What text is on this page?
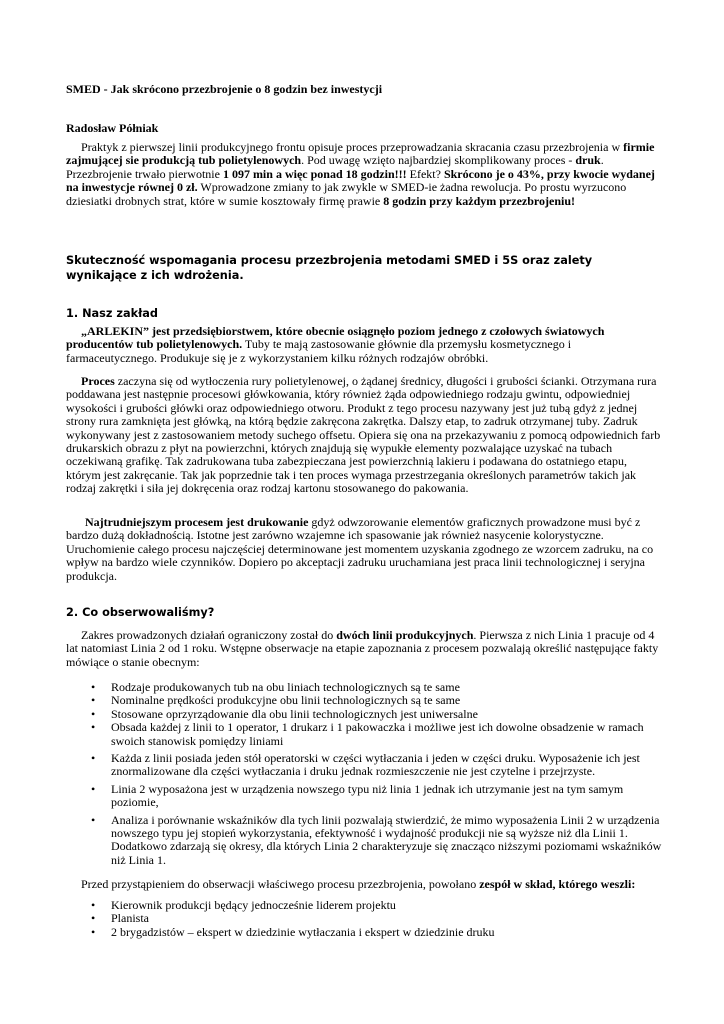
SMED - Jak skrócono przezbrojenie o 8 godzin bez inwestycji
Radosław Półniak

Praktyk z pierwszej linii produkcyjnego frontu opisuje proces przeprowadzania skracania czasu przezbrojenia w firmie zajmującej sie produkcją tub polietylenowych. Pod uwagę wzięto najbardziej skomplikowany proces - druk. Przezbrojenie trwało pierwotnie 1 097 min a więc ponad 18 godzin!!! Efekt? Skrócono je o 43%, przy kwocie wydanej na inwestycje równej 0 zł. Wprowadzone zmiany to jak zwykle w SMED-ie żadna rewolucja. Po prostu wyrzucono dziesiatki drobnych strat, które w sumie kosztowały firmę prawie 8 godzin przy każdym przezbrojeniu!

Skuteczność wspomagania procesu przezbrojenia metodami SMED i 5S oraz zalety wynikające z ich wdrożenia.
1. Nasz zakład

„ARLEKIN” jest przedsiębiorstwem, które obecnie osiągnęło poziom jednego z czołowych światowych producentów tub polietylenowych. Tuby te mają zastosowanie głównie dla przemysłu kosmetycznego i farmaceutycznego. Produkuje się je z wykorzystaniem kilku różnych rodzajów obróbki.

Proces zaczyna się od wytłoczenia rury polietylenowej, o żądanej średnicy, długości i grubości ścianki. Otrzymana rura poddawana jest następnie procesowi główkowania, który również żąda odpowiedniego rodzaju gwintu, odpowiedniej wysokości i grubości główki oraz odpowiedniego otworu. Produkt z tego procesu nazywany jest już tubą gdyż z jednej strony rura zamknięta jest główką, na którą będzie zakręcona zakrętka. Dalszy etap, to zadruk otrzymanej tuby. Zadruk wykonywany jest z zastosowaniem metody suchego offsetu. Opiera się ona na przekazywaniu z pomocą odpowiednich farb drukarskich obrazu z płyt na powierzchni, których znajdują się wypukłe elementy pozwalające uzyskać na tubach oczekiwaną grafikę. Tak zadrukowana tuba zabezpieczana jest powierzchnią lakieru i podawana do ostatniego etapu, którym jest zakręcanie. Tak jak poprzednie tak i ten proces wymaga przestrzegania określonych parametrów takich jak rodzaj zakrętki i siła jej dokręcenia oraz rodzaj kartonu stosowanego do pakowania.

Najtrudniejszym procesem jest drukowanie gdyż odwzorowanie elementów graficznych prowadzone musi być z bardzo dużą dokładnością. Istotne jest zarówno wzajemne ich spasowanie jak również nasycenie kolorystyczne. Uruchomienie całego procesu najczęściej determinowane jest momentem uzyskania zgodnego ze wzorcem zadruku, na co wpływ na bardzo wiele czynników. Dopiero po akceptacji zadruku uruchamiana jest praca linii technologicznej i seryjna produkcja.

2. Co obserwowaliśmy?

Zakres prowadzonych działań ograniczony został do dwóch linii produkcyjnych. Pierwsza z nich Linia 1 pracuje od 4 lat natomiast Linia 2 od 1 roku. Wstępne obserwacje na etapie zapoznania z procesem pozwalają określić następujące fakty mówiące o stanie obecnym:

•	Rodzaje produkowanych tub na obu liniach technologicznych są te same
•	Nominalne prędkości produkcyjne obu linii technologicznych są te same
•	Stosowane oprzyrządowanie dla obu linii technologicznych jest uniwersalne
•	Obsada każdej z linii to 1 operator, 1 drukarz i 1 pakowaczka i możliwe jest ich dowolne obsadzenie w ramach swoich stanowisk pomiędzy liniami
•	Każda z linii posiada jeden stół operatorski w części wytłaczania i jeden w części druku. Wyposażenie ich jest znormalizowane dla części wytłaczania i druku jednak rozmieszczenie nie jest czytelne i przejrzyste.
•	Linia 2 wyposażona jest w urządzenia nowszego typu niż linia 1 jednak ich utrzymanie jest na tym samym poziomie,
•	Analiza i porównanie wskaźników dla tych linii pozwalają stwierdzić, że mimo wyposażenia Linii 2 w urządzenia nowszego typu jej stopień wykorzystania, efektywność i wydajność produkcji nie są wyższe niż dla Linii 1. Dodatkowo zdarzają się okresy, dla których Linia 2 charakteryzuje się znacząco niższymi poziomami wskaźników niż Linia 1.

Przed przystąpieniem do obserwacji właściwego procesu przezbrojenia, powołano zespół w skład, którego weszli:

•	Kierownik produkcji będący jednocześnie liderem projektu
•	Planista
•	2 brygadzistów – ekspert w dziedzinie wytłaczania i ekspert w dziedzinie druku
